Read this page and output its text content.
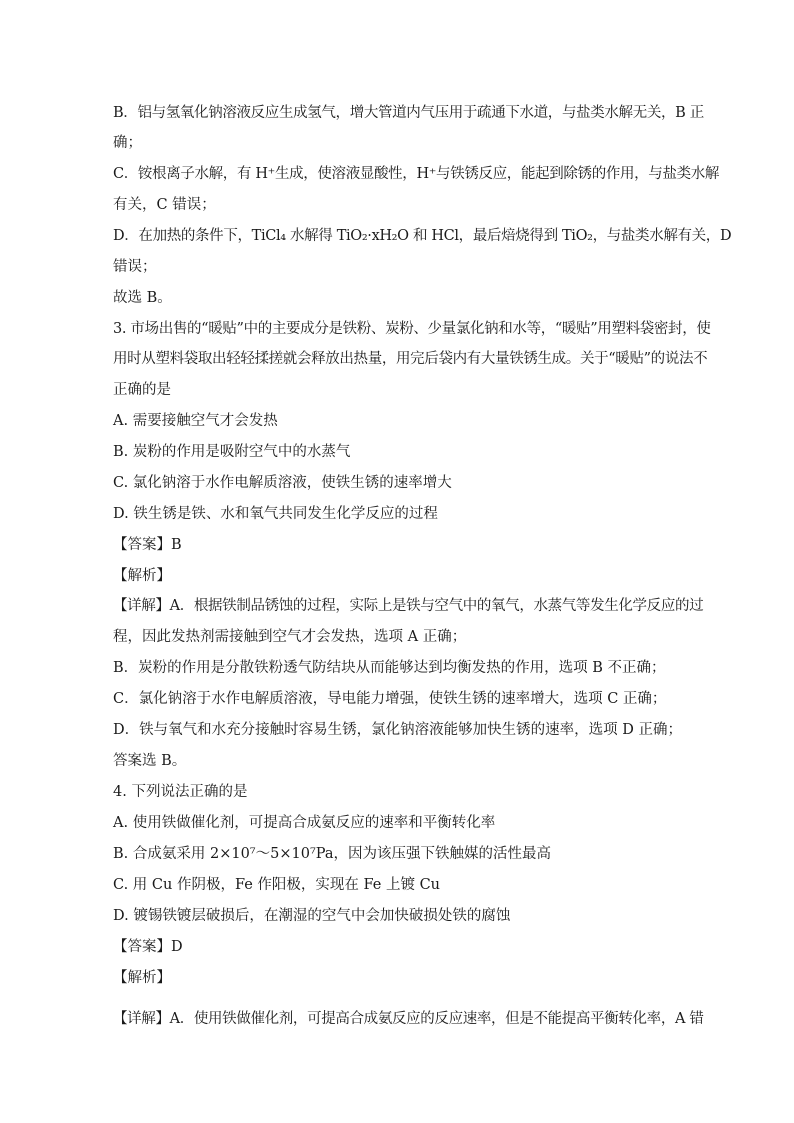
B．铝与氢氧化钠溶液反应生成氢气，增大管道内气压用于疏通下水道，与盐类水解无关，B 正
确；
C．铵根离子水解，有 H⁺生成，使溶液显酸性，H⁺与铁锈反应，能起到除锈的作用，与盐类水解
有关，C 错误；
D．在加热的条件下，TiCl₄ 水解得 TiO₂·xH₂O 和 HCl，最后焙烧得到 TiO₂，与盐类水解有关，D
错误；
故选 B。
3. 市场出售的“暖贴”中的主要成分是铁粉、炭粉、少量氯化钠和水等，“暖贴”用塑料袋密封，使
用时从塑料袋取出轻轻揉搓就会释放出热量，用完后袋内有大量铁锈生成。关于“暖贴”的说法不
正确的是
A. 需要接触空气才会发热
B. 炭粉的作用是吸附空气中的水蒸气
C. 氯化钠溶于水作电解质溶液，使铁生锈的速率增大
D. 铁生锈是铁、水和氧气共同发生化学反应的过程
【答案】B
【解析】
【详解】A．根据铁制品锈蚀的过程，实际上是铁与空气中的氧气，水蒸气等发生化学反应的过
程，因此发热剂需接触到空气才会发热，选项 A 正确；
B．炭粉的作用是分散铁粉透气防结块从而能够达到均衡发热的作用，选项 B 不正确；
C．氯化钠溶于水作电解质溶液，导电能力增强，使铁生锈的速率增大，选项 C 正确；
D．铁与氧气和水充分接触时容易生锈，氯化钠溶液能够加快生锈的速率，选项 D 正确；
答案选 B。
4. 下列说法正确的是
A. 使用铁做催化剂，可提高合成氨反应的速率和平衡转化率
B. 合成氨采用 2×10⁷～5×10⁷Pa，因为该压强下铁触媒的活性最高
C. 用 Cu 作阴极，Fe 作阳极，实现在 Fe 上镀 Cu
D. 镀锡铁镀层破损后，在潮湿的空气中会加快破损处铁的腐蚀
【答案】D
【解析】
【详解】A．使用铁做催化剂，可提高合成氨反应的反应速率，但是不能提高平衡转化率，A 错
